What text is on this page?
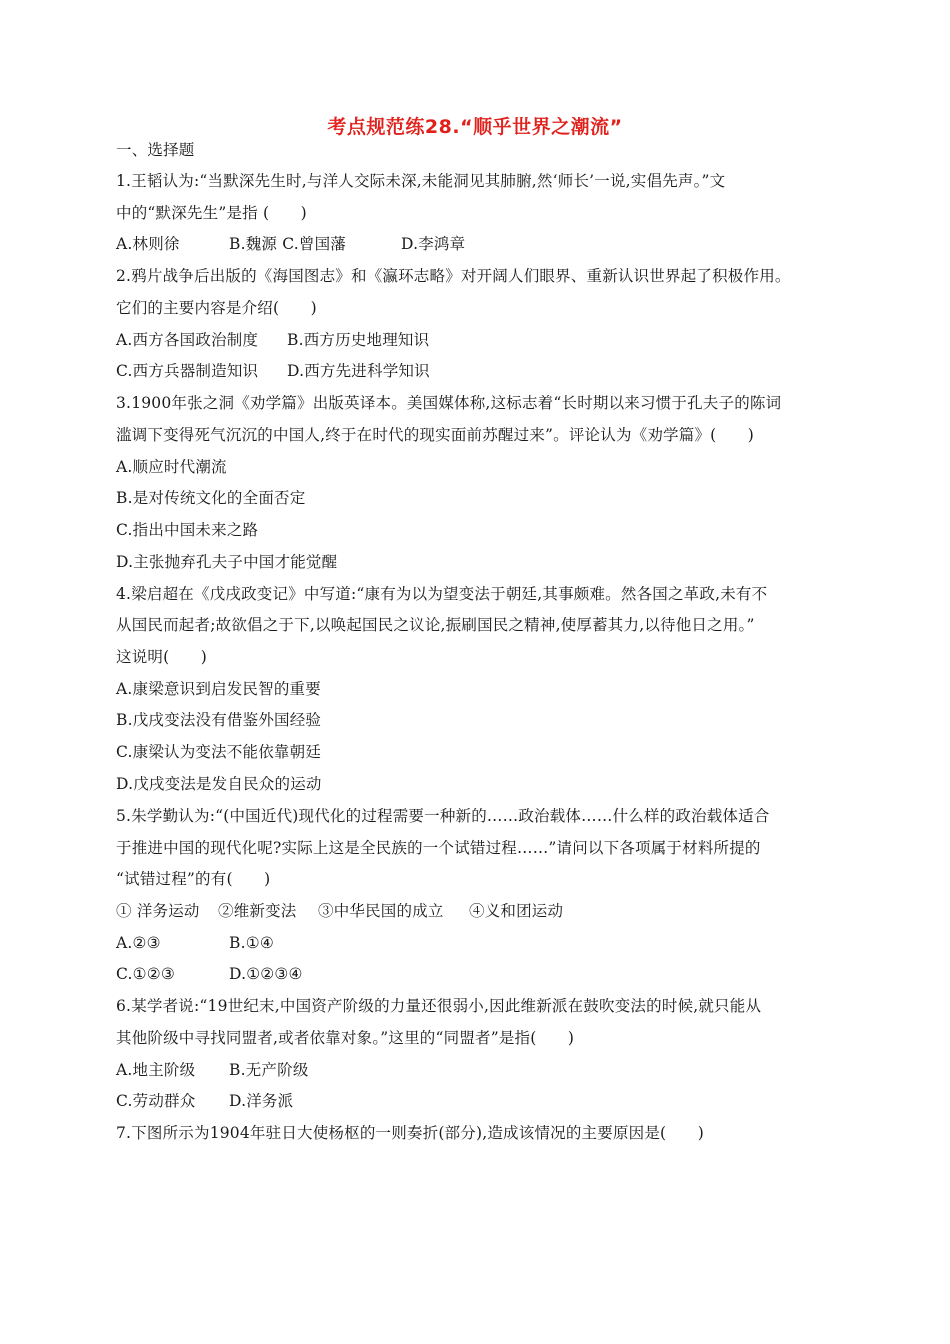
考点规范练28.“顺乎世界之潮流”
一、选择题
1.王韬认为:“当默深先生时,与洋人交际未深,未能洞见其肺腑,然‘师长’一说,实倡先声。”文
中的“默深先生”是指 (　　)
A.林则徐	B.魏源 C.曾国藩	D.李鸿章
2.鸦片战争后出版的《海国图志》和《瀛环志略》对开阔人们眼界、重新认识世界起了积极作用。
它们的主要内容是介绍(　　)
A.西方各国政治制度 B.西方历史地理知识
C.西方兵器制造知识 D.西方先进科学知识
3.1900年张之洞《劝学篇》出版英译本。美国媒体称,这标志着“长时期以来习惯于孔夫子的陈词
滥调下变得死气沉沉的中国人,终于在时代的现实面前苏醒过来”。评论认为《劝学篇》(　　)
A.顺应时代潮流
B.是对传统文化的全面否定
C.指出中国未来之路
D.主张抛弃孔夫子中国才能觉醒
4.梁启超在《戊戌政变记》中写道:“康有为以为望变法于朝廷,其事颇难。然各国之革政,未有不
从国民而起者;故欲倡之于下,以唤起国民之议论,振刷国民之精神,使厚蓄其力,以待他日之用。”
这说明(　　)
A.康梁意识到启发民智的重要
B.戊戌变法没有借鉴外国经验
C.康梁认为变法不能依靠朝廷
D.戊戌变法是发自民众的运动
5.朱学勤认为:“(中国近代)现代化的过程需要一种新的……政治载体……什么样的政治载体适合
于推进中国的现代化呢?实际上这是全民族的一个试错过程……”请问以下各项属于材料所提的
“试错过程”的有(　　)
① 洋务运动 ②维新变法 ③中华民国的成立 ④义和团运动
A.②③	B.①④
C.①②③	D.①②③④
6.某学者说:“19世纪末,中国资产阶级的力量还很弱小,因此维新派在鼓吹变法的时候,就只能从
其他阶级中寻找同盟者,或者依靠对象。”这里的“同盟者”是指(　　)
A.地主阶级 B.无产阶级
C.劳动群众 D.洋务派
7.下图所示为1904年驻日大使杨枢的一则奏折(部分),造成该情况的主要原因是(　　)
